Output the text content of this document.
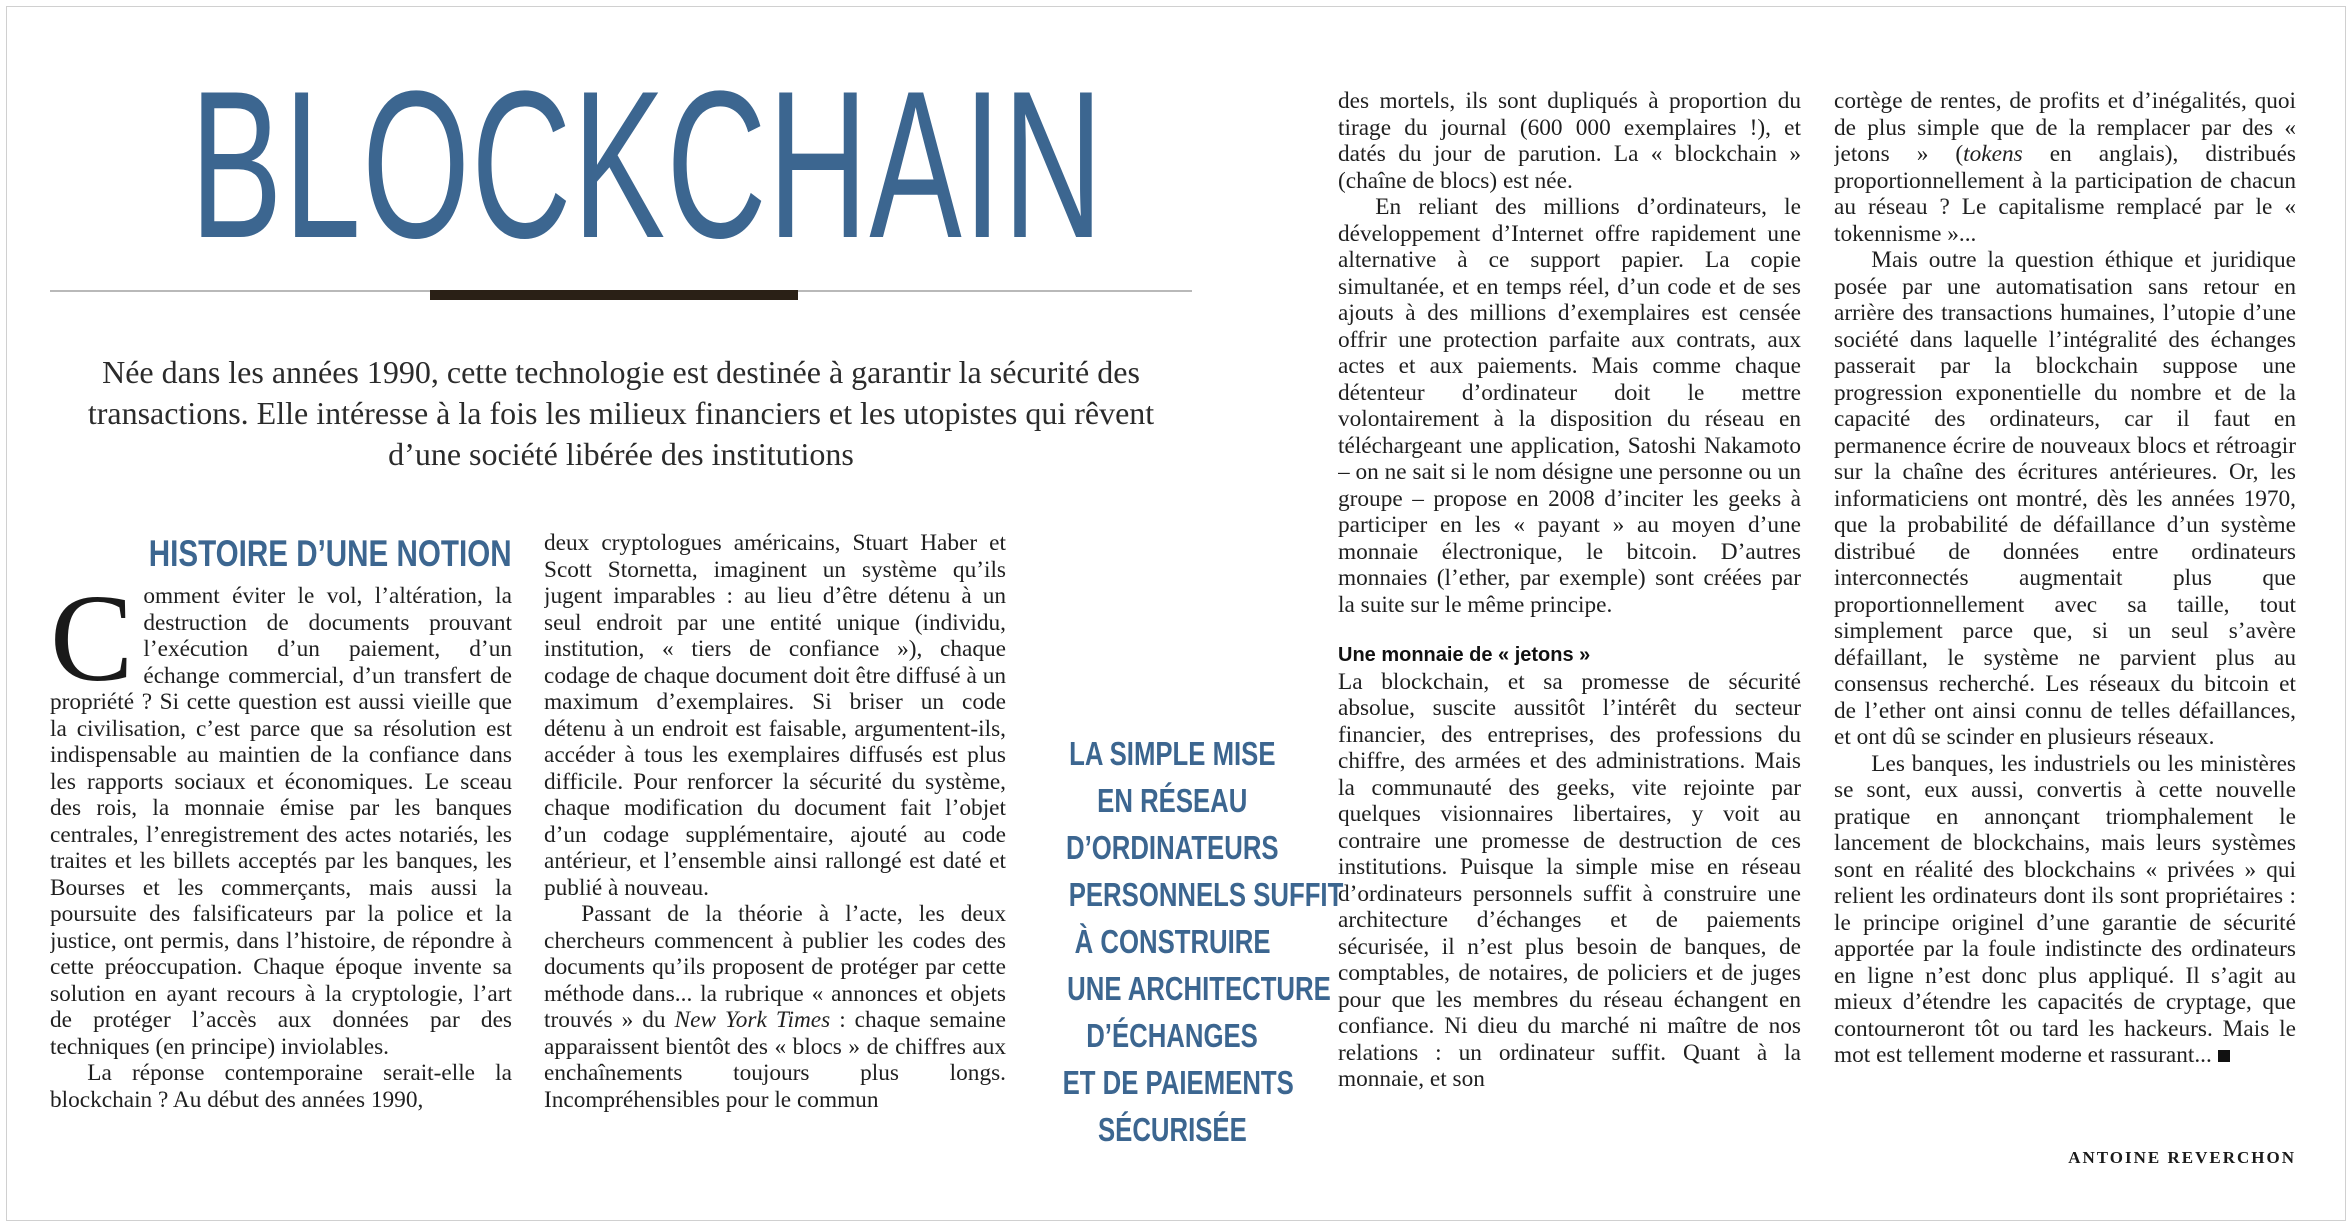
BLOCKCHAIN

Née dans les années 1990, cette technologie est destinée à garantir la sécurité des transactions. Elle intéresse à la fois les milieux financiers et les utopistes qui rêvent d’une société libérée des institutions

HISTOIRE D’UNE NOTION

Comment éviter le vol, l’altération, la destruction de documents prouvant l’exécution d’un paiement, d’un échange commercial, d’un transfert de propriété ? Si cette question est aussi vieille que la civilisation, c’est parce que sa résolution est indispensable au maintien de la confiance dans les rapports sociaux et économiques. Le sceau des rois, la monnaie émise par les banques centrales, l’enregistrement des actes notariés, les traites et les billets acceptés par les banques, les Bourses et les commerçants, mais aussi la poursuite des falsificateurs par la police et la justice, ont permis, dans l’histoire, de répondre à cette préoccupation. Chaque époque invente sa solution en ayant recours à la cryptologie, l’art de protéger l’accès aux données par des techniques (en principe) inviolables.

La réponse contemporaine serait-elle la blockchain ? Au début des années 1990,

deux cryptologues américains, Stuart Haber et Scott Stornetta, imaginent un système qu’ils jugent imparables : au lieu d’être détenu à un seul endroit par une entité unique (individu, institution, « tiers de confiance »), chaque codage de chaque document doit être diffusé à un maximum d’exemplaires. Si briser un code détenu à un endroit est faisable, argumentent-ils, accéder à tous les exemplaires diffusés est plus difficile. Pour renforcer la sécurité du système, chaque modification du document fait l’objet d’un codage supplémentaire, ajouté au code antérieur, et l’ensemble ainsi rallongé est daté et publié à nouveau.

Passant de la théorie à l’acte, les deux chercheurs commencent à publier les codes des documents qu’ils proposent de protéger par cette méthode dans... la rubrique « annonces et objets trouvés » du New York Times : chaque semaine apparaissent bientôt des « blocs » de chiffres aux enchaînements toujours plus longs. Incompréhensibles pour le commun

LA SIMPLE MISE
EN RÉSEAU
D’ORDINATEURS
PERSONNELS SUFFIT
À CONSTRUIRE
UNE ARCHITECTURE
D’ÉCHANGES
ET DE PAIEMENTS
SÉCURISÉE

des mortels, ils sont dupliqués à proportion du tirage du journal (600 000 exemplaires !), et datés du jour de parution. La « blockchain » (chaîne de blocs) est née.

En reliant des millions d’ordinateurs, le développement d’Internet offre rapidement une alternative à ce support papier. La copie simultanée, et en temps réel, d’un code et de ses ajouts à des millions d’exemplaires est censée offrir une protection parfaite aux contrats, aux actes et aux paiements. Mais comme chaque détenteur d’ordinateur doit le mettre volontairement à la disposition du réseau en téléchargeant une application, Satoshi Nakamoto – on ne sait si le nom désigne une personne ou un groupe – propose en 2008 d’inciter les geeks à participer en les « payant » au moyen d’une monnaie électronique, le bitcoin. D’autres monnaies (l’ether, par exemple) sont créées par la suite sur le même principe.

Une monnaie de « jetons »

La blockchain, et sa promesse de sécurité absolue, suscite aussitôt l’intérêt du secteur financier, des entreprises, des professions du chiffre, des armées et des administrations. Mais la communauté des geeks, vite rejointe par quelques visionnaires libertaires, y voit au contraire une promesse de destruction de ces institutions. Puisque la simple mise en réseau d’ordinateurs personnels suffit à construire une architecture d’échanges et de paiements sécurisée, il n’est plus besoin de banques, de comptables, de notaires, de policiers et de juges pour que les membres du réseau échangent en confiance. Ni dieu du marché ni maître de nos relations : un ordinateur suffit. Quant à la monnaie, et son

cortège de rentes, de profits et d’inégalités, quoi de plus simple que de la remplacer par des « jetons » (tokens en anglais), distribués proportionnellement à la participation de chacun au réseau ? Le capitalisme remplacé par le « tokennisme »...

Mais outre la question éthique et juridique posée par une automatisation sans retour en arrière des transactions humaines, l’utopie d’une société dans laquelle l’intégralité des échanges passerait par la blockchain suppose une progression exponentielle du nombre et de la capacité des ordinateurs, car il faut en permanence écrire de nouveaux blocs et rétroagir sur la chaîne des écritures antérieures. Or, les informaticiens ont montré, dès les années 1970, que la probabilité de défaillance d’un système distribué de données entre ordinateurs interconnectés augmentait plus que proportionnellement avec sa taille, tout simplement parce que, si un seul s’avère défaillant, le système ne parvient plus au consensus recherché. Les réseaux du bitcoin et de l’ether ont ainsi connu de telles défaillances, et ont dû se scinder en plusieurs réseaux.

Les banques, les industriels ou les ministères se sont, eux aussi, convertis à cette nouvelle pratique en annonçant triomphalement le lancement de blockchains, mais leurs systèmes sont en réalité des blockchains « privées » qui relient les ordinateurs dont ils sont propriétaires : le principe originel d’une garantie de sécurité apportée par la foule indistincte des ordinateurs en ligne n’est donc plus appliqué. Il s’agit au mieux d’étendre les capacités de cryptage, que contourneront tôt ou tard les hackeurs. Mais le mot est tellement moderne et rassurant...

ANTOINE REVERCHON
